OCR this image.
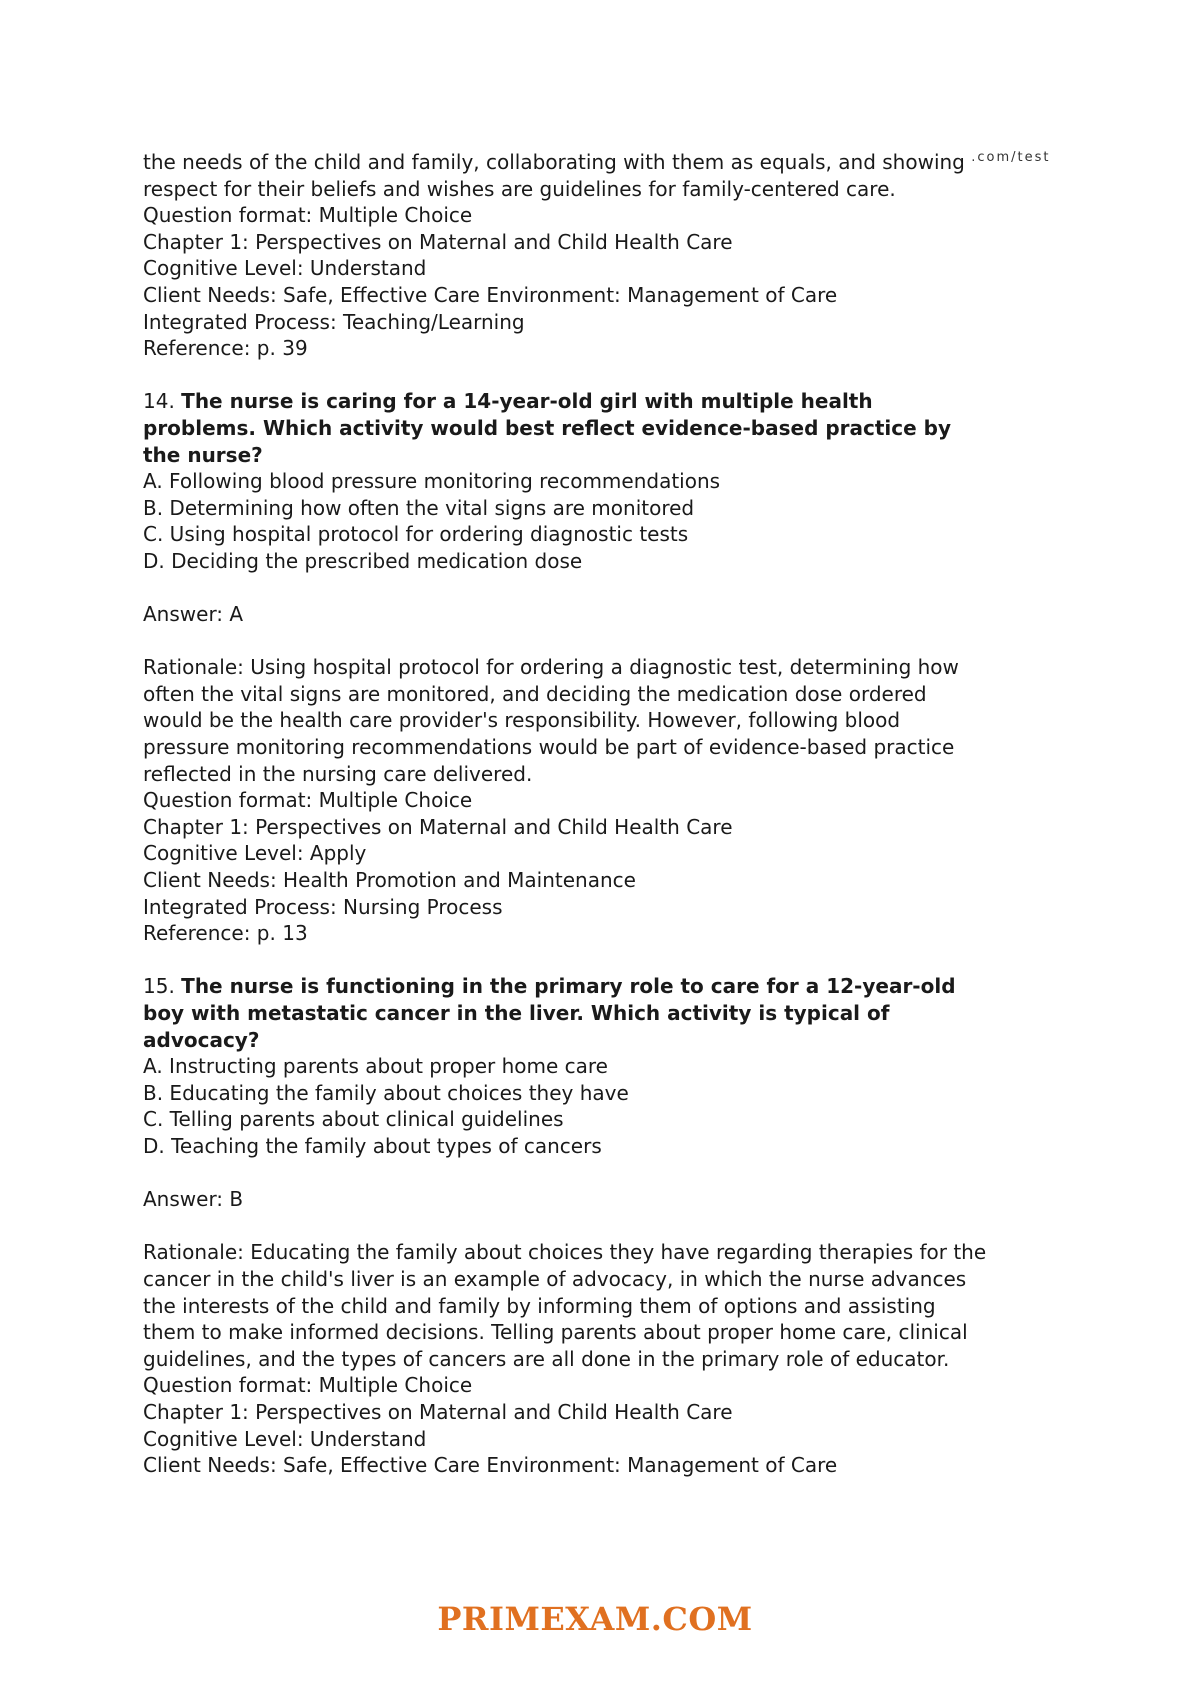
the needs of the child and family, collaborating with them as equals, and showing $^{.com/test}$

respect for their beliefs and wishes are guidelines for family-centered care.

Question format: Multiple Choice

Chapter 1: Perspectives on Maternal and Child Health Care

Cognitive Level: Understand

Client Needs: Safe, Effective Care Environment: Management of Care

Integrated Process: Teaching/Learning

Reference: p. 39

14. The nurse is caring for a 14-year-old girl with multiple health

problems. Which activity would best reflect evidence-based practice by

the nurse?

A. Following blood pressure monitoring recommendations

B. Determining how often the vital signs are monitored

C. Using hospital protocol for ordering diagnostic tests

D. Deciding the prescribed medication dose

Answer: A

Rationale: Using hospital protocol for ordering a diagnostic test, determining how

often the vital signs are monitored, and deciding the medication dose ordered

would be the health care provider's responsibility. However, following blood

pressure monitoring recommendations would be part of evidence-based practice

reflected in the nursing care delivered.

Question format: Multiple Choice

Chapter 1: Perspectives on Maternal and Child Health Care

Cognitive Level: Apply

Client Needs: Health Promotion and Maintenance

Integrated Process: Nursing Process

Reference: p. 13

15. The nurse is functioning in the primary role to care for a 12-year-old

boy with metastatic cancer in the liver. Which activity is typical of

advocacy?

A. Instructing parents about proper home care

B. Educating the family about choices they have

C. Telling parents about clinical guidelines

D. Teaching the family about types of cancers

Answer: B

Rationale: Educating the family about choices they have regarding therapies for the

cancer in the child's liver is an example of advocacy, in which the nurse advances

the interests of the child and family by informing them of options and assisting

them to make informed decisions. Telling parents about proper home care, clinical

guidelines, and the types of cancers are all done in the primary role of educator.

Question format: Multiple Choice

Chapter 1: Perspectives on Maternal and Child Health Care

Cognitive Level: Understand

Client Needs: Safe, Effective Care Environment: Management of Care

PRIMEXAM.COM
